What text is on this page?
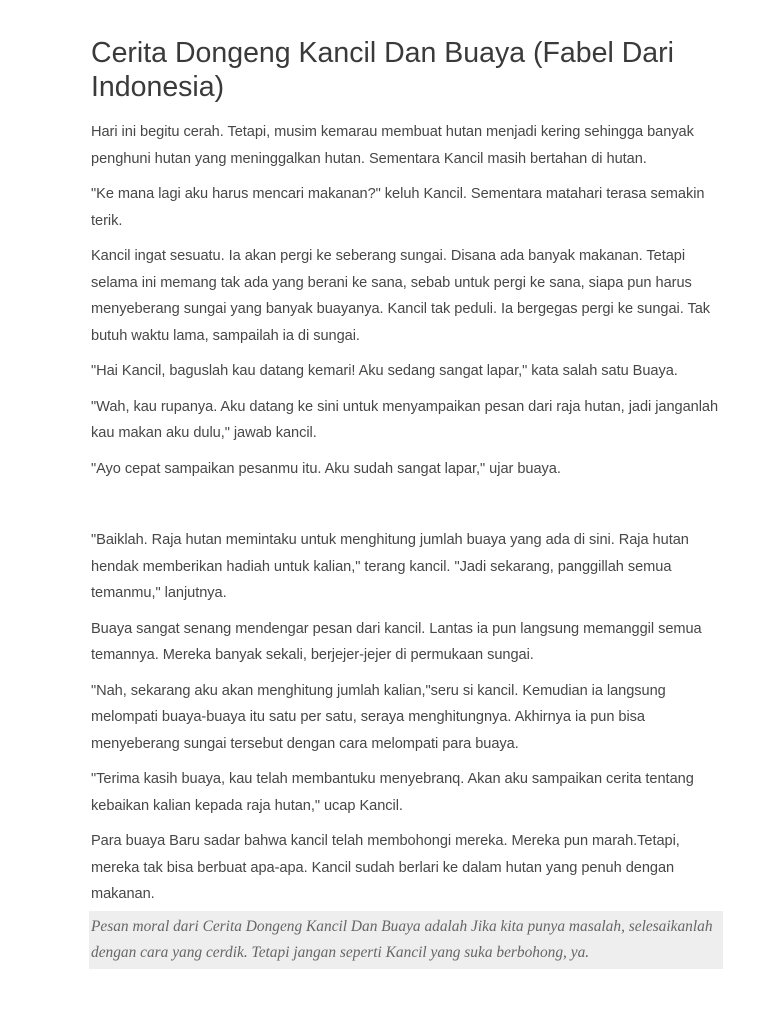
Cerita Dongeng Kancil Dan Buaya (Fabel Dari Indonesia)

Hari ini begitu cerah. Tetapi, musim kemarau membuat hutan menjadi kering sehingga banyak penghuni hutan yang meninggalkan hutan. Sementara Kancil masih bertahan di hutan.

"Ke mana lagi aku harus mencari makanan?" keluh Kancil. Sementara matahari terasa semakin terik.

Kancil ingat sesuatu. Ia akan pergi ke seberang sungai. Disana ada banyak makanan. Tetapi selama ini memang tak ada yang berani ke sana, sebab untuk pergi ke sana, siapa pun harus menyeberang sungai yang banyak buayanya. Kancil tak peduli. Ia bergegas pergi ke sungai. Tak butuh waktu lama, sampailah ia di sungai.

"Hai Kancil, baguslah kau datang kemari! Aku sedang sangat lapar," kata salah satu Buaya.

"Wah, kau rupanya. Aku datang ke sini untuk menyampaikan pesan dari raja hutan, jadi janganlah kau makan aku dulu," jawab kancil.

"Ayo cepat sampaikan pesanmu itu. Aku sudah sangat lapar," ujar buaya.

"Baiklah. Raja hutan memintaku untuk menghitung jumlah buaya yang ada di sini. Raja hutan hendak memberikan hadiah untuk kalian," terang kancil. "Jadi sekarang, panggillah semua temanmu," lanjutnya.

Buaya sangat senang mendengar pesan dari kancil. Lantas ia pun langsung memanggil semua temannya. Mereka banyak sekali, berjejer-jejer di permukaan sungai.

"Nah, sekarang aku akan menghitung jumlah kalian,"seru si kancil. Kemudian ia langsung melompati buaya-buaya itu satu per satu, seraya menghitungnya. Akhirnya ia pun bisa menyeberang sungai tersebut dengan cara melompati para buaya.

"Terima kasih buaya, kau telah membantuku menyebranq. Akan aku sampaikan cerita tentang kebaikan kalian kepada raja hutan," ucap Kancil.

Para buaya Baru sadar bahwa kancil telah membohongi mereka. Mereka pun marah.Tetapi, mereka tak bisa berbuat apa-apa. Kancil sudah berlari ke dalam hutan yang penuh dengan makanan.

Pesan moral dari Cerita Dongeng Kancil Dan Buaya adalah Jika kita punya masalah, selesaikanlah dengan cara yang cerdik. Tetapi jangan seperti Kancil yang suka berbohong, ya.
